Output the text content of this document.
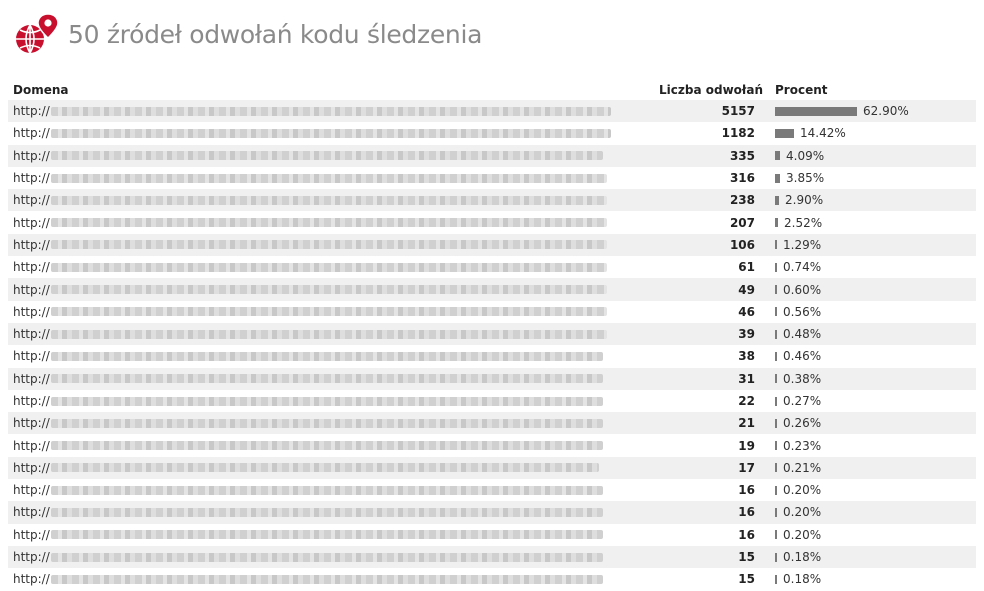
50 źródeł odwołań kodu śledzenia
Domena	Liczba odwołań	Procent
http://	5157	62.90%
http://	1182	14.42%
http://	335	4.09%
http://	316	3.85%
http://	238	2.90%
http://	207 2.52%
http://	106 1.29%
http://	61 0.74%
http://	49 0.60%
http://	46 0.56%
http://	39 0.48%
http://	38 0.46%
http://	31 0.38%
http://	22 0.27%
http://	21 0.26%
http://	19 0.23%
http://	17 0.21%
http://	16 0.20%
http://	16 0.20%
http://	16 0.20%
http://	15 0.18%
http://	15 0.18%
